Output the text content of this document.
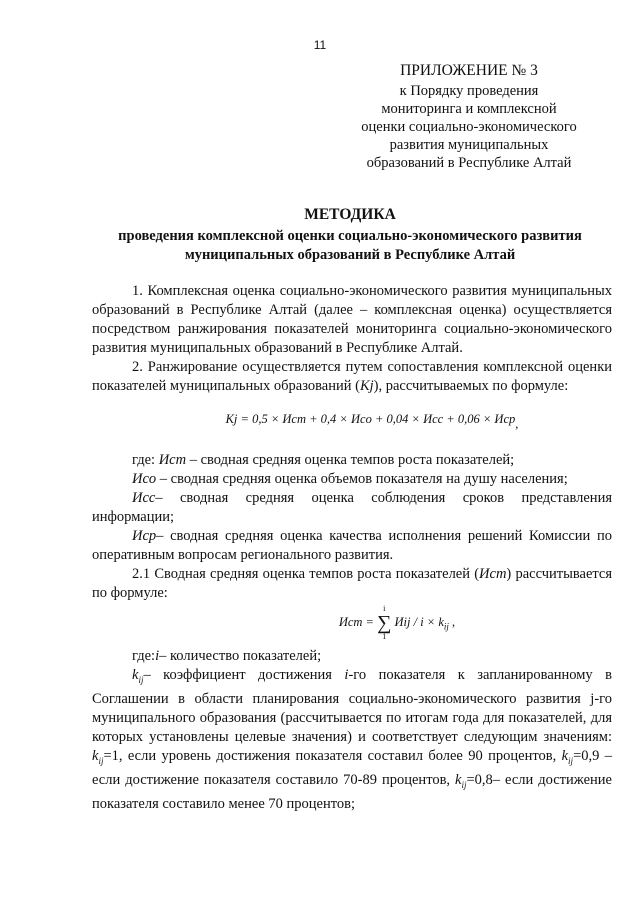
11
ПРИЛОЖЕНИЕ № 3
к Порядку проведения
мониторинга и комплексной
оценки социально-экономического
развития муниципальных
образований в Республике Алтай
МЕТОДИКА
проведения комплексной оценки социально-экономического развития муниципальных образований в Республике Алтай

1. Комплексная оценка социально-экономического развития муниципальных образований в Республике Алтай (далее – комплексная оценка) осуществляется посредством ранжирования показателей мониторинга социально-экономического развития муниципальных образований в Республике Алтай.

2. Ранжирование осуществляется путем сопоставления комплексной оценки показателей муниципальных образований (Kj), рассчитываемых по формуле:

Kj = 0,5 × Иcт + 0,4 × Иcо + 0,04 × Иcc + 0,06 × Иcр,

где: Иcт – сводная средняя оценка темпов роста показателей;

Иcо – сводная средняя оценка объемов показателя на душу населения;

Иcc– сводная средняя оценка соблюдения сроков представления информации;

Иcр– сводная средняя оценка качества исполнения решений Комиссии по оперативным вопросам регионального развития.

2.1 Сводная средняя оценка темпов роста показателей (Иcт) рассчитывается по формуле:

Иcт =
i
∑
1
Иij / $i \times k_{ij}$ ,

где:i– количество показателей;

$k_{ij}-$ коэффициент достижения i-го показателя к запланированному в Соглашении в области планирования социально-экономического развития j-го муниципального образования (рассчитывается по итогам года для показателей, для которых установлены целевые значения) и соответствует следующим значениям: $k_{ij}=1$, если уровень достижения показателя составил более 90 процентов, $k_{ij}=0,9$ – если достижение показателя составило 70-89 процентов, $k_{ij}=0,8-$ если достижение показателя составило менее 70 процентов;
